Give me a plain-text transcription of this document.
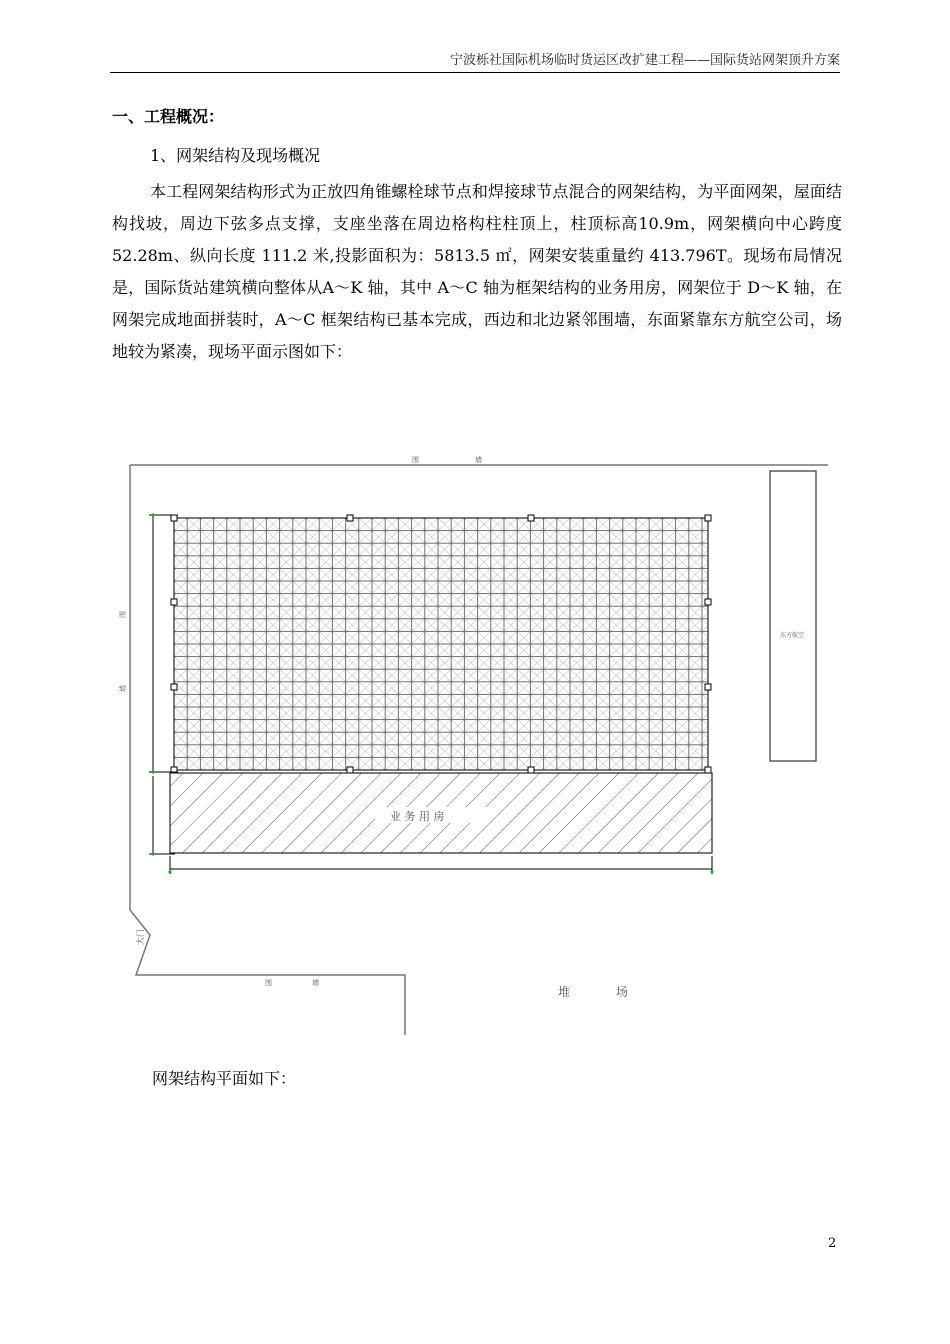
宁波栎社国际机场临时货运区改扩建工程——国际货站网架顶升方案
一、工程概况：
1、网架结构及现场概况

本工程网架结构形式为正放四角锥螺栓球节点和焊接球节点混合的网架结构，为平面网架，屋面结构找坡，周边下弦多点支撑，支座坐落在周边格构柱柱顶上，柱顶标高10.9m，网架横向中心跨度 52.28m、纵向长度 111.2 米,投影面积为：5813.5 ㎡，网架安装重量约 413.796T。现场布局情况是，国际货站建筑横向整体从A～K 轴，其中 A～C 轴为框架结构的业务用房，网架位于 D～K 轴，在网架完成地面拼装时，A～C 框架结构已基本完成，西边和北边紧邻围墙，东面紧靠东方航空公司，场地较为紧凑，现场平面示图如下：

围	墙
围
墙
大门
围	墙
堆	场
东方航空
业 务 用 房
网架结构平面如下：
2
